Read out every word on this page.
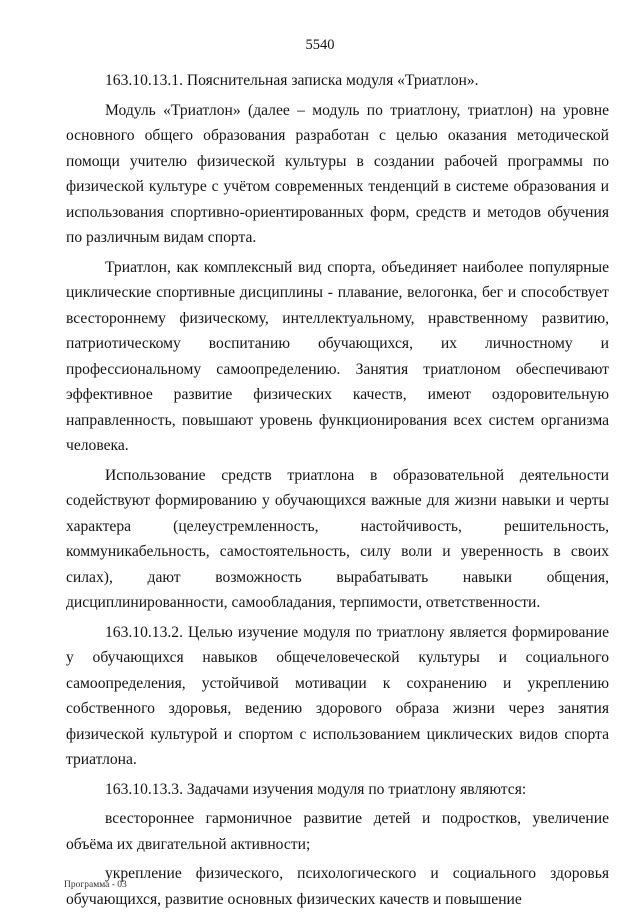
5540

163.10.13.1. Пояснительная записка модуля «Триатлон».

Модуль «Триатлон» (далее – модуль по триатлону, триатлон) на уровне основного общего образования разработан с целью оказания методической помощи учителю физической культуры в создании рабочей программы по физической культуре с учётом современных тенденций в системе образования и использования спортивно-ориентированных форм, средств и методов обучения по различным видам спорта.

Триатлон, как комплексный вид спорта, объединяет наиболее популярные циклические спортивные дисциплины - плавание, велогонка, бег и способствует всестороннему физическому, интеллектуальному, нравственному развитию, патриотическому воспитанию обучающихся, их личностному и профессиональному самоопределению. Занятия триатлоном обеспечивают эффективное развитие физических качеств, имеют оздоровительную направленность, повышают уровень функционирования всех систем организма человека.

Использование средств триатлона в образовательной деятельности содействуют формированию у обучающихся важные для жизни навыки и черты характера (целеустремленность, настойчивость, решительность, коммуникабельность, самостоятельность, силу воли и уверенность в своих силах), дают возможность вырабатывать навыки общения, дисциплинированности, самообладания, терпимости, ответственности.

163.10.13.2. Целью изучение модуля по триатлону является формирование у обучающихся навыков общечеловеческой культуры и социального самоопределения, устойчивой мотивации к сохранению и укреплению собственного здоровья, ведению здорового образа жизни через занятия физической культурой и спортом с использованием циклических видов спорта триатлона.

163.10.13.3. Задачами изучения модуля по триатлону являются:

всестороннее гармоничное развитие детей и подростков, увеличение объёма их двигательной активности;

укрепление физического, психологического и социального здоровья обучающихся, развитие основных физических качеств и повышение

Программа - 03
